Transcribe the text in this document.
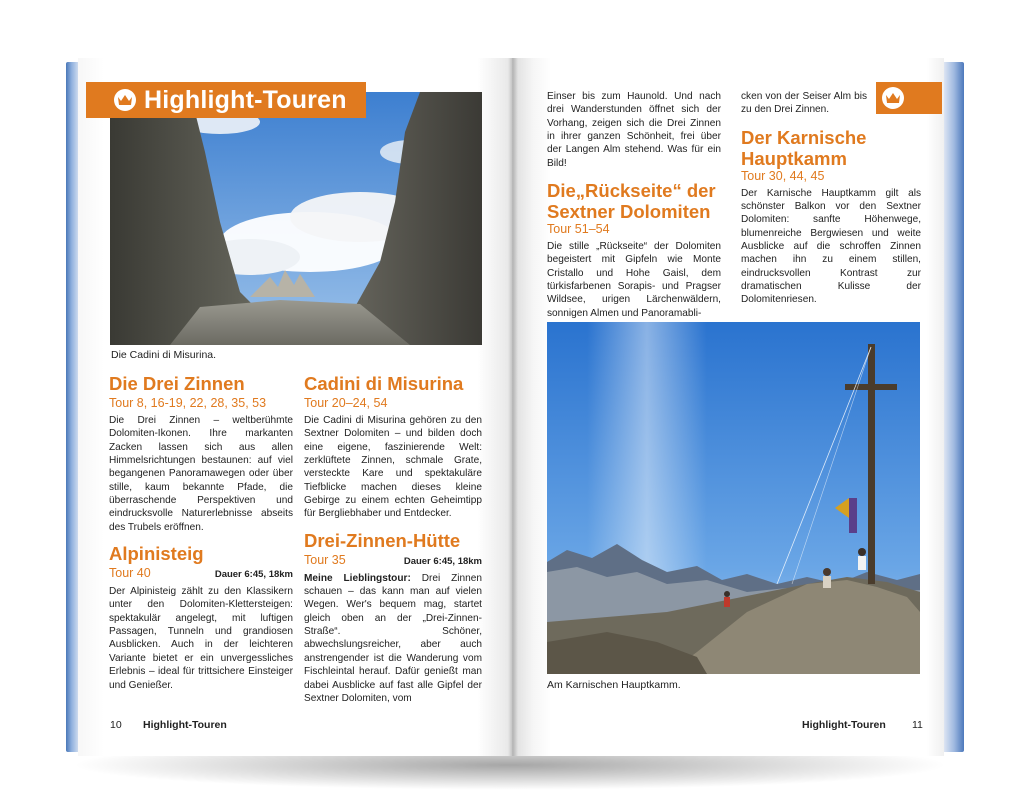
Die Cadini di Misurina.
Highlight-Touren

Die Drei Zinnen

Tour 8, 16-19, 22, 28, 35, 53

Die Drei Zinnen – weltberühmte Dolomiten-Ikonen. Ihre markanten Zacken lassen sich aus allen Himmelsrichtungen bestaunen: auf viel begangenen Panoramawegen oder über stille, kaum bekannte Pfade, die überraschende Perspektiven und eindrucksvolle Naturerlebnisse abseits des Trubels eröffnen.

Alpinisteig

Tour 40	Dauer 6:45, 18km

Der Alpinisteig zählt zu den Klassikern unter den Dolomiten-Klettersteigen: spektakulär angelegt, mit luftigen Passagen, Tunneln und grandiosen Ausblicken. Auch in der leichteren Variante bietet er ein unvergessliches Erlebnis – ideal für trittsichere Einsteiger und Genießer.

Cadini di Misurina

Tour 20–24, 54

Die Cadini di Misurina gehören zu den Sextner Dolomiten – und bilden doch eine eigene, faszinierende Welt: zerklüftete Zinnen, schmale Grate, versteckte Kare und spektakuläre Tiefblicke machen dieses kleine Gebirge zu einem echten Geheimtipp für Bergliebhaber und Entdecker.

Drei-Zinnen-Hütte

Tour 35	Dauer 6:45, 18km

Meine Lieblingstour: Drei Zinnen schauen – das kann man auf vielen Wegen. Wer's bequem mag, startet gleich oben an der „Drei-Zinnen-Straße“. Schöner, abwechslungsreicher, aber auch anstrengender ist die Wanderung vom Fischleintal herauf. Dafür genießt man dabei Ausblicke auf fast alle Gipfel der Sextner Dolomiten, vom

10 Highlight-Touren

Einser bis zum Haunold. Und nach drei Wanderstunden öffnet sich der Vorhang, zeigen sich die Drei Zinnen in ihrer ganzen Schönheit, frei über der Langen Alm stehend. Was für ein Bild!

Die„Rückseite“ der Sextner Dolomiten

Tour 51–54

Die stille „Rückseite“ der Dolomiten begeistert mit Gipfeln wie Monte Cristallo und Hohe Gaisl, dem türkisfarbenen Sorapis- und Pragser Wildsee, urigen Lärchenwäldern, sonnigen Almen und Panoramabli-

cken von der Seiser Alm bis zu den Drei Zinnen.

Der Karnische Hauptkamm

Tour 30, 44, 45

Der Karnische Hauptkamm gilt als schönster Balkon vor den Sextner Dolomiten: sanfte Höhenwege, blumenreiche Bergwiesen und weite Ausblicke auf die schroffen Zinnen machen ihn zu einem stillen, eindrucksvollen Kontrast zur dramatischen Kulisse der Dolomitenriesen.

Am Karnischen Hauptkamm.
Highlight-Touren 11
